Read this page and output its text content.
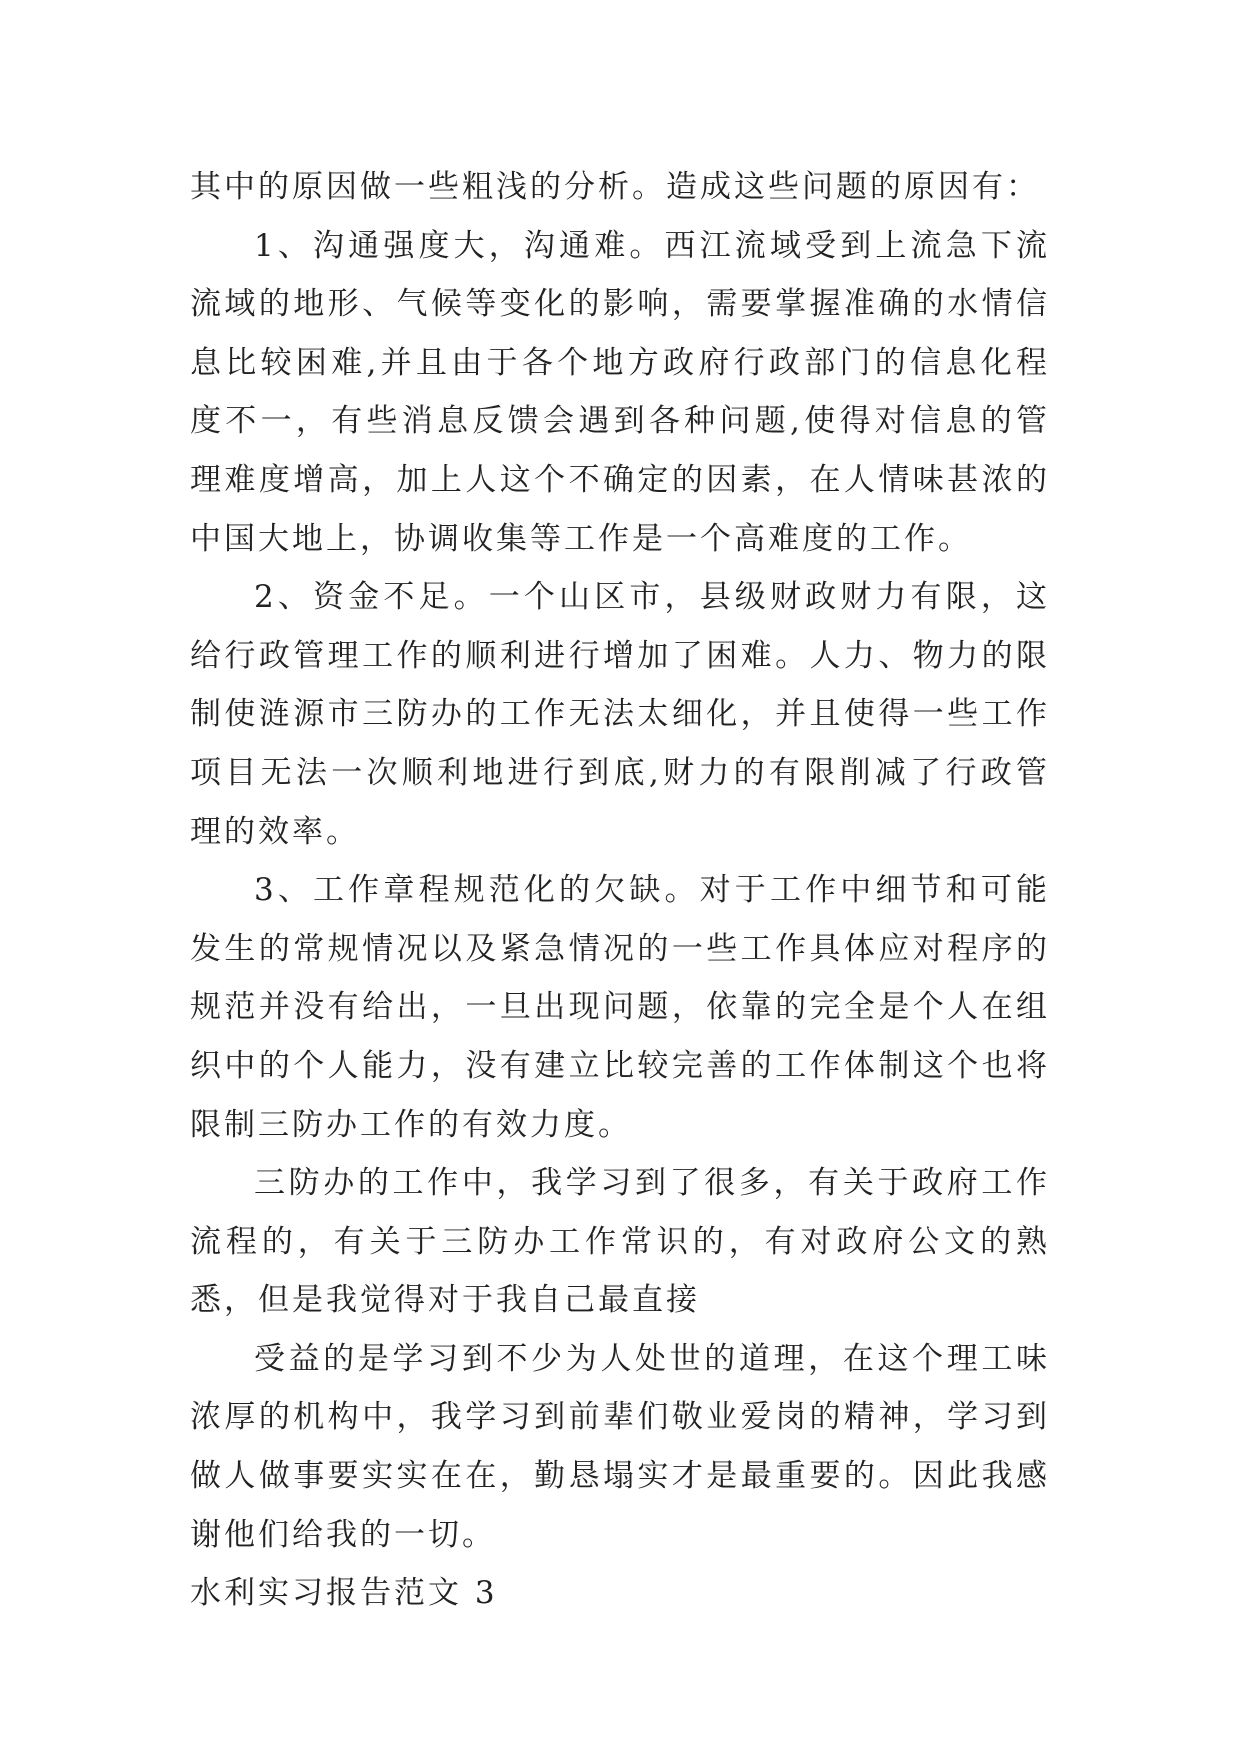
其中的原因做一些粗浅的分析。造成这些问题的原因有：

1、沟通强度大，沟通难。西江流域受到上流急下流流域的地形、气候等变化的影响，需要掌握准确的水情信息比较困难,并且由于各个地方政府行政部门的信息化程度不一，有些消息反馈会遇到各种问题,使得对信息的管理难度增高，加上人这个不确定的因素，在人情味甚浓的中国大地上，协调收集等工作是一个高难度的工作。

2、资金不足。一个山区市，县级财政财力有限，这给行政管理工作的顺利进行增加了困难。人力、物力的限制使涟源市三防办的工作无法太细化，并且使得一些工作项目无法一次顺利地进行到底,财力的有限削减了行政管理的效率。

3、工作章程规范化的欠缺。对于工作中细节和可能发生的常规情况以及紧急情况的一些工作具体应对程序的规范并没有给出，一旦出现问题，依靠的完全是个人在组织中的个人能力，没有建立比较完善的工作体制这个也将限制三防办工作的有效力度。

三防办的工作中，我学习到了很多，有关于政府工作流程的，有关于三防办工作常识的，有对政府公文的熟悉，但是我觉得对于我自己最直接

受益的是学习到不少为人处世的道理，在这个理工味浓厚的机构中，我学习到前辈们敬业爱岗的精神，学习到做人做事要实实在在，勤恳塌实才是最重要的。因此我感谢他们给我的一切。

水利实习报告范文 3
